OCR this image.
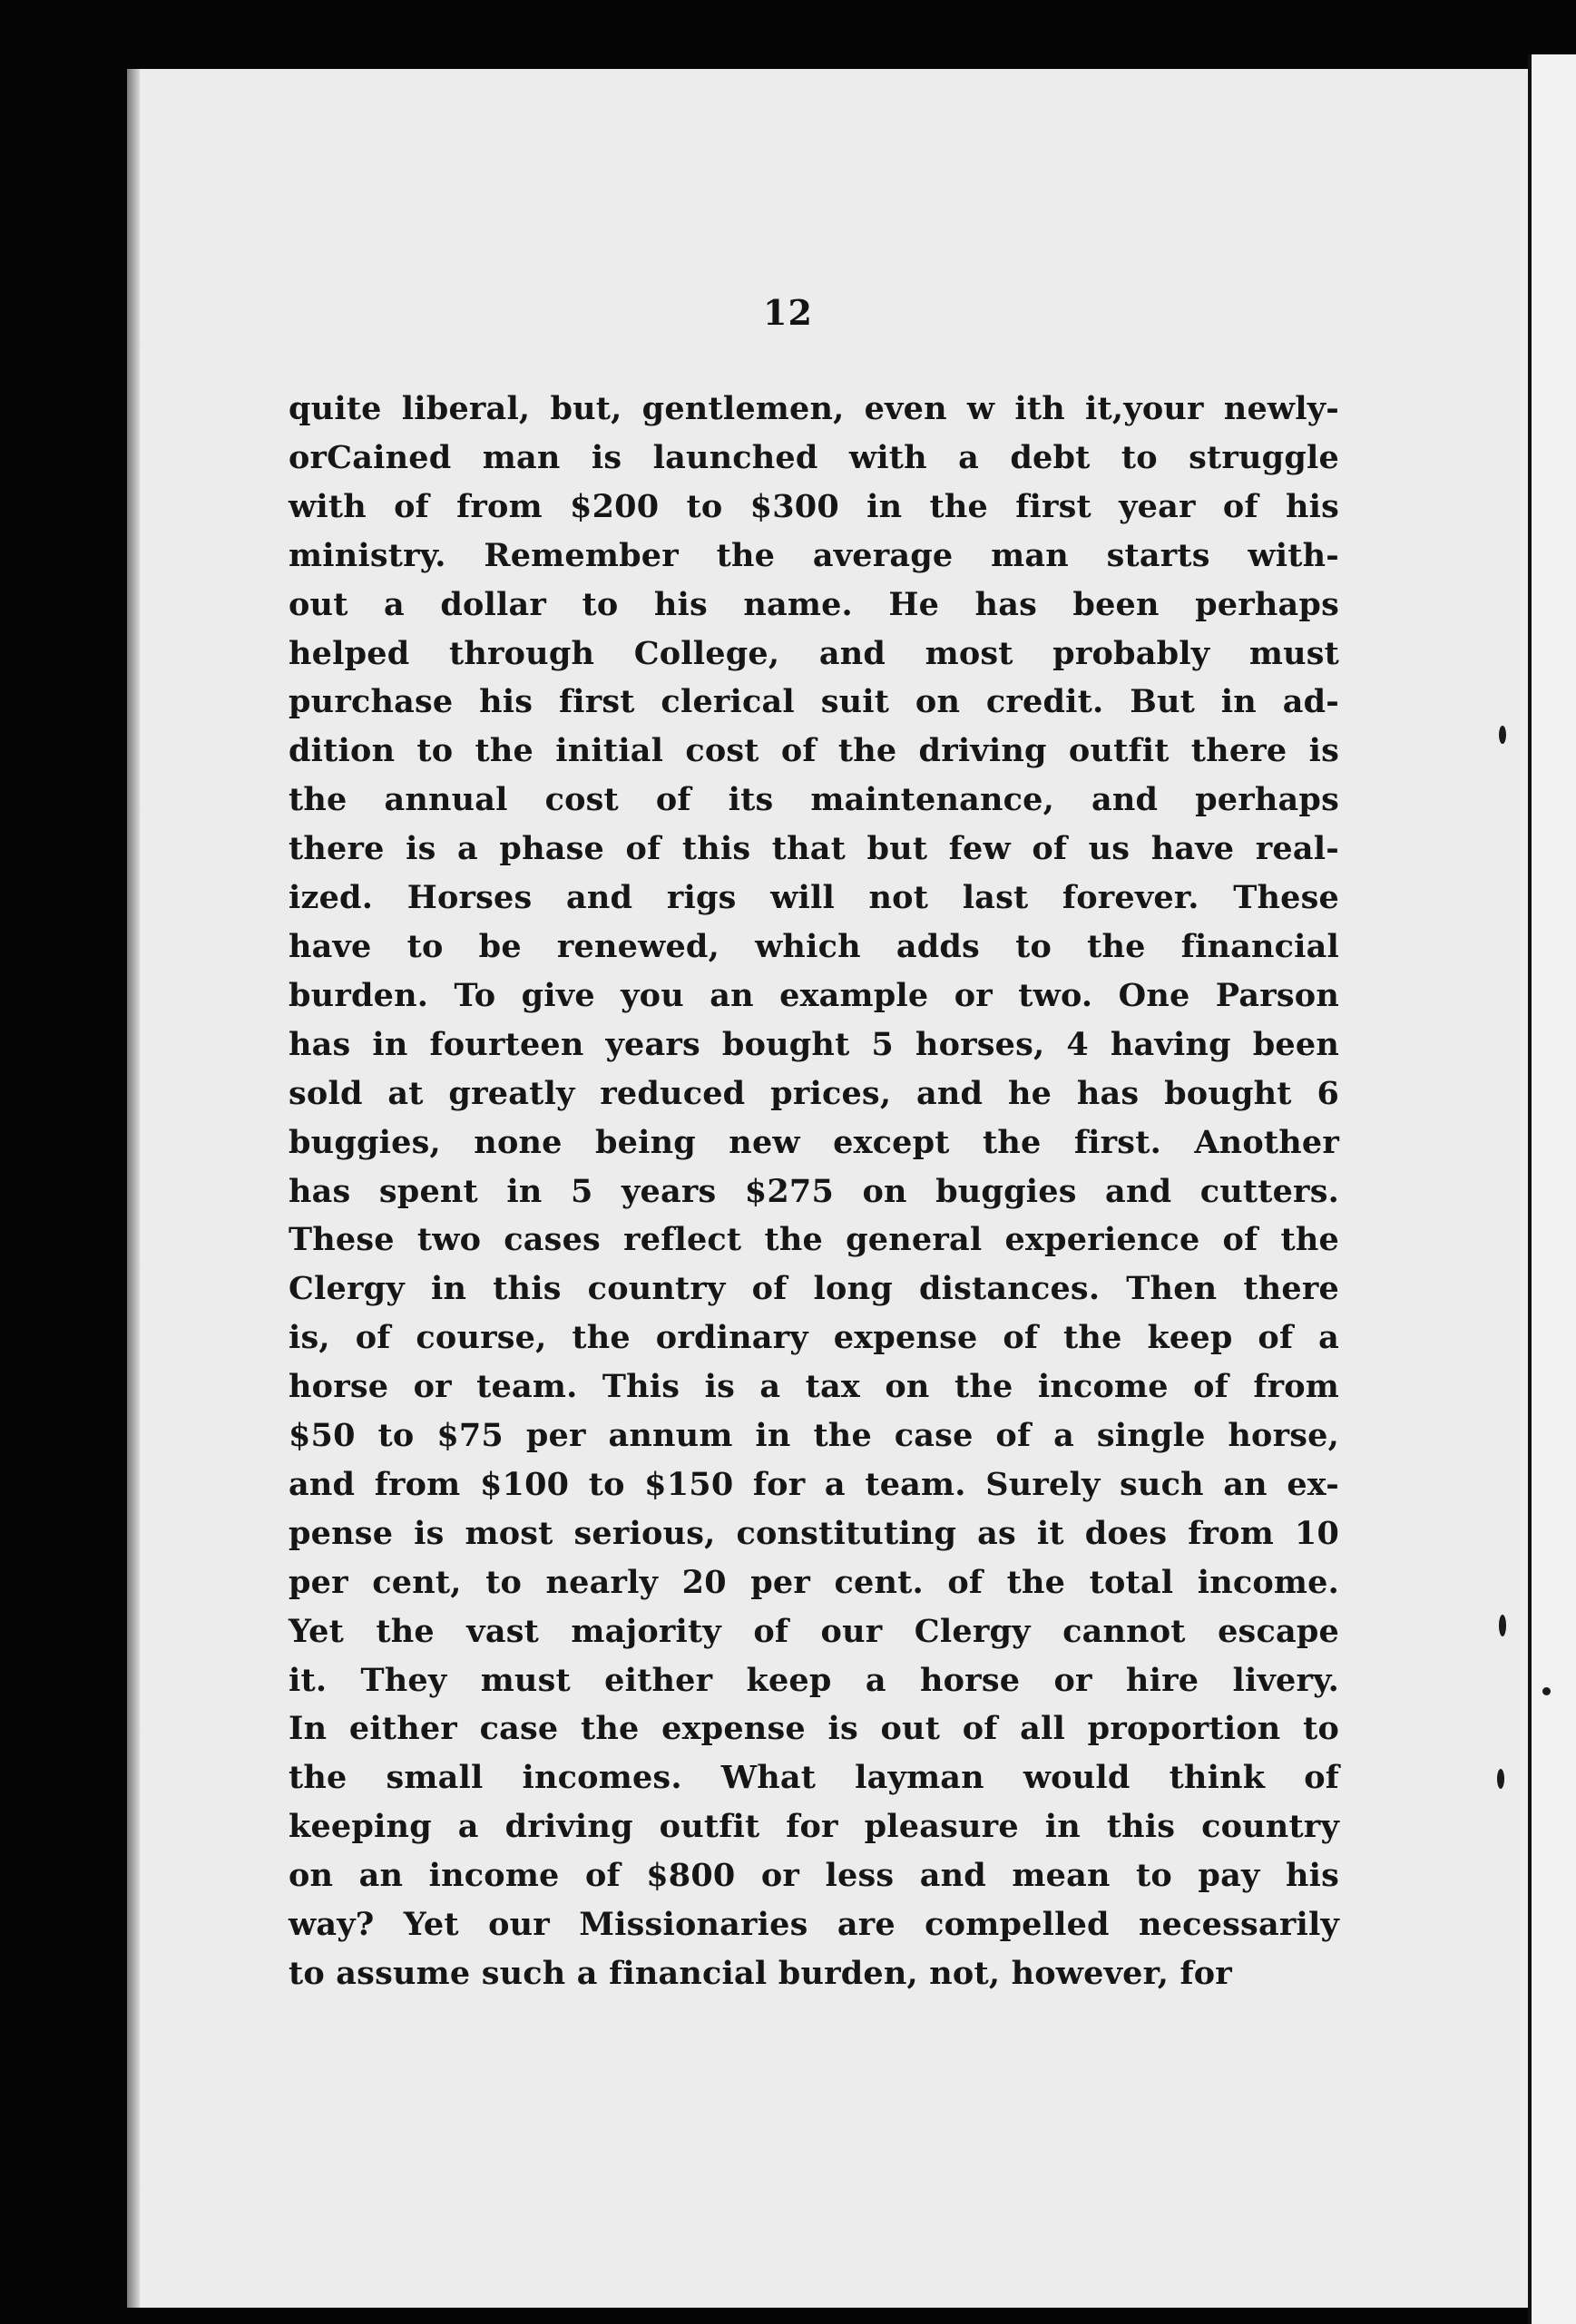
12
quite liberal, but, gentlemen, even w ith it,your newly-
orCained man is launched with a debt to struggle
with of from $200 to $300 in the first year of his
ministry. Remember the average man starts with-
out a dollar to his name. He has been perhaps
helped through College, and most probably must
purchase his first clerical suit on credit. But in ad-
dition to the initial cost of the driving outfit there is
the annual cost of its maintenance, and perhaps
there is a phase of this that but few of us have real-
ized. Horses and rigs will not last forever. These
have to be renewed, which adds to the financial
burden. To give you an example or two. One Parson
has in fourteen years bought 5 horses, 4 having been
sold at greatly reduced prices, and he has bought 6
buggies, none being new except the first. Another
has spent in 5 years $275 on buggies and cutters.
These two cases reflect the general experience of the
Clergy in this country of long distances. Then there
is, of course, the ordinary expense of the keep of a
horse or team. This is a tax on the income of from
$50 to $75 per annum in the case of a single horse,
and from $100 to $150 for a team. Surely such an ex-
pense is most serious, constituting as it does from 10
per cent, to nearly 20 per cent. of the total income.
Yet the vast majority of our Clergy cannot escape
it. They must either keep a horse or hire livery.
In either case the expense is out of all proportion to
the small incomes. What layman would think of
keeping a driving outfit for pleasure in this country
on an income of $800 or less and mean to pay his
way? Yet our Missionaries are compelled necessarily
to assume such a financial burden, not, however, for
